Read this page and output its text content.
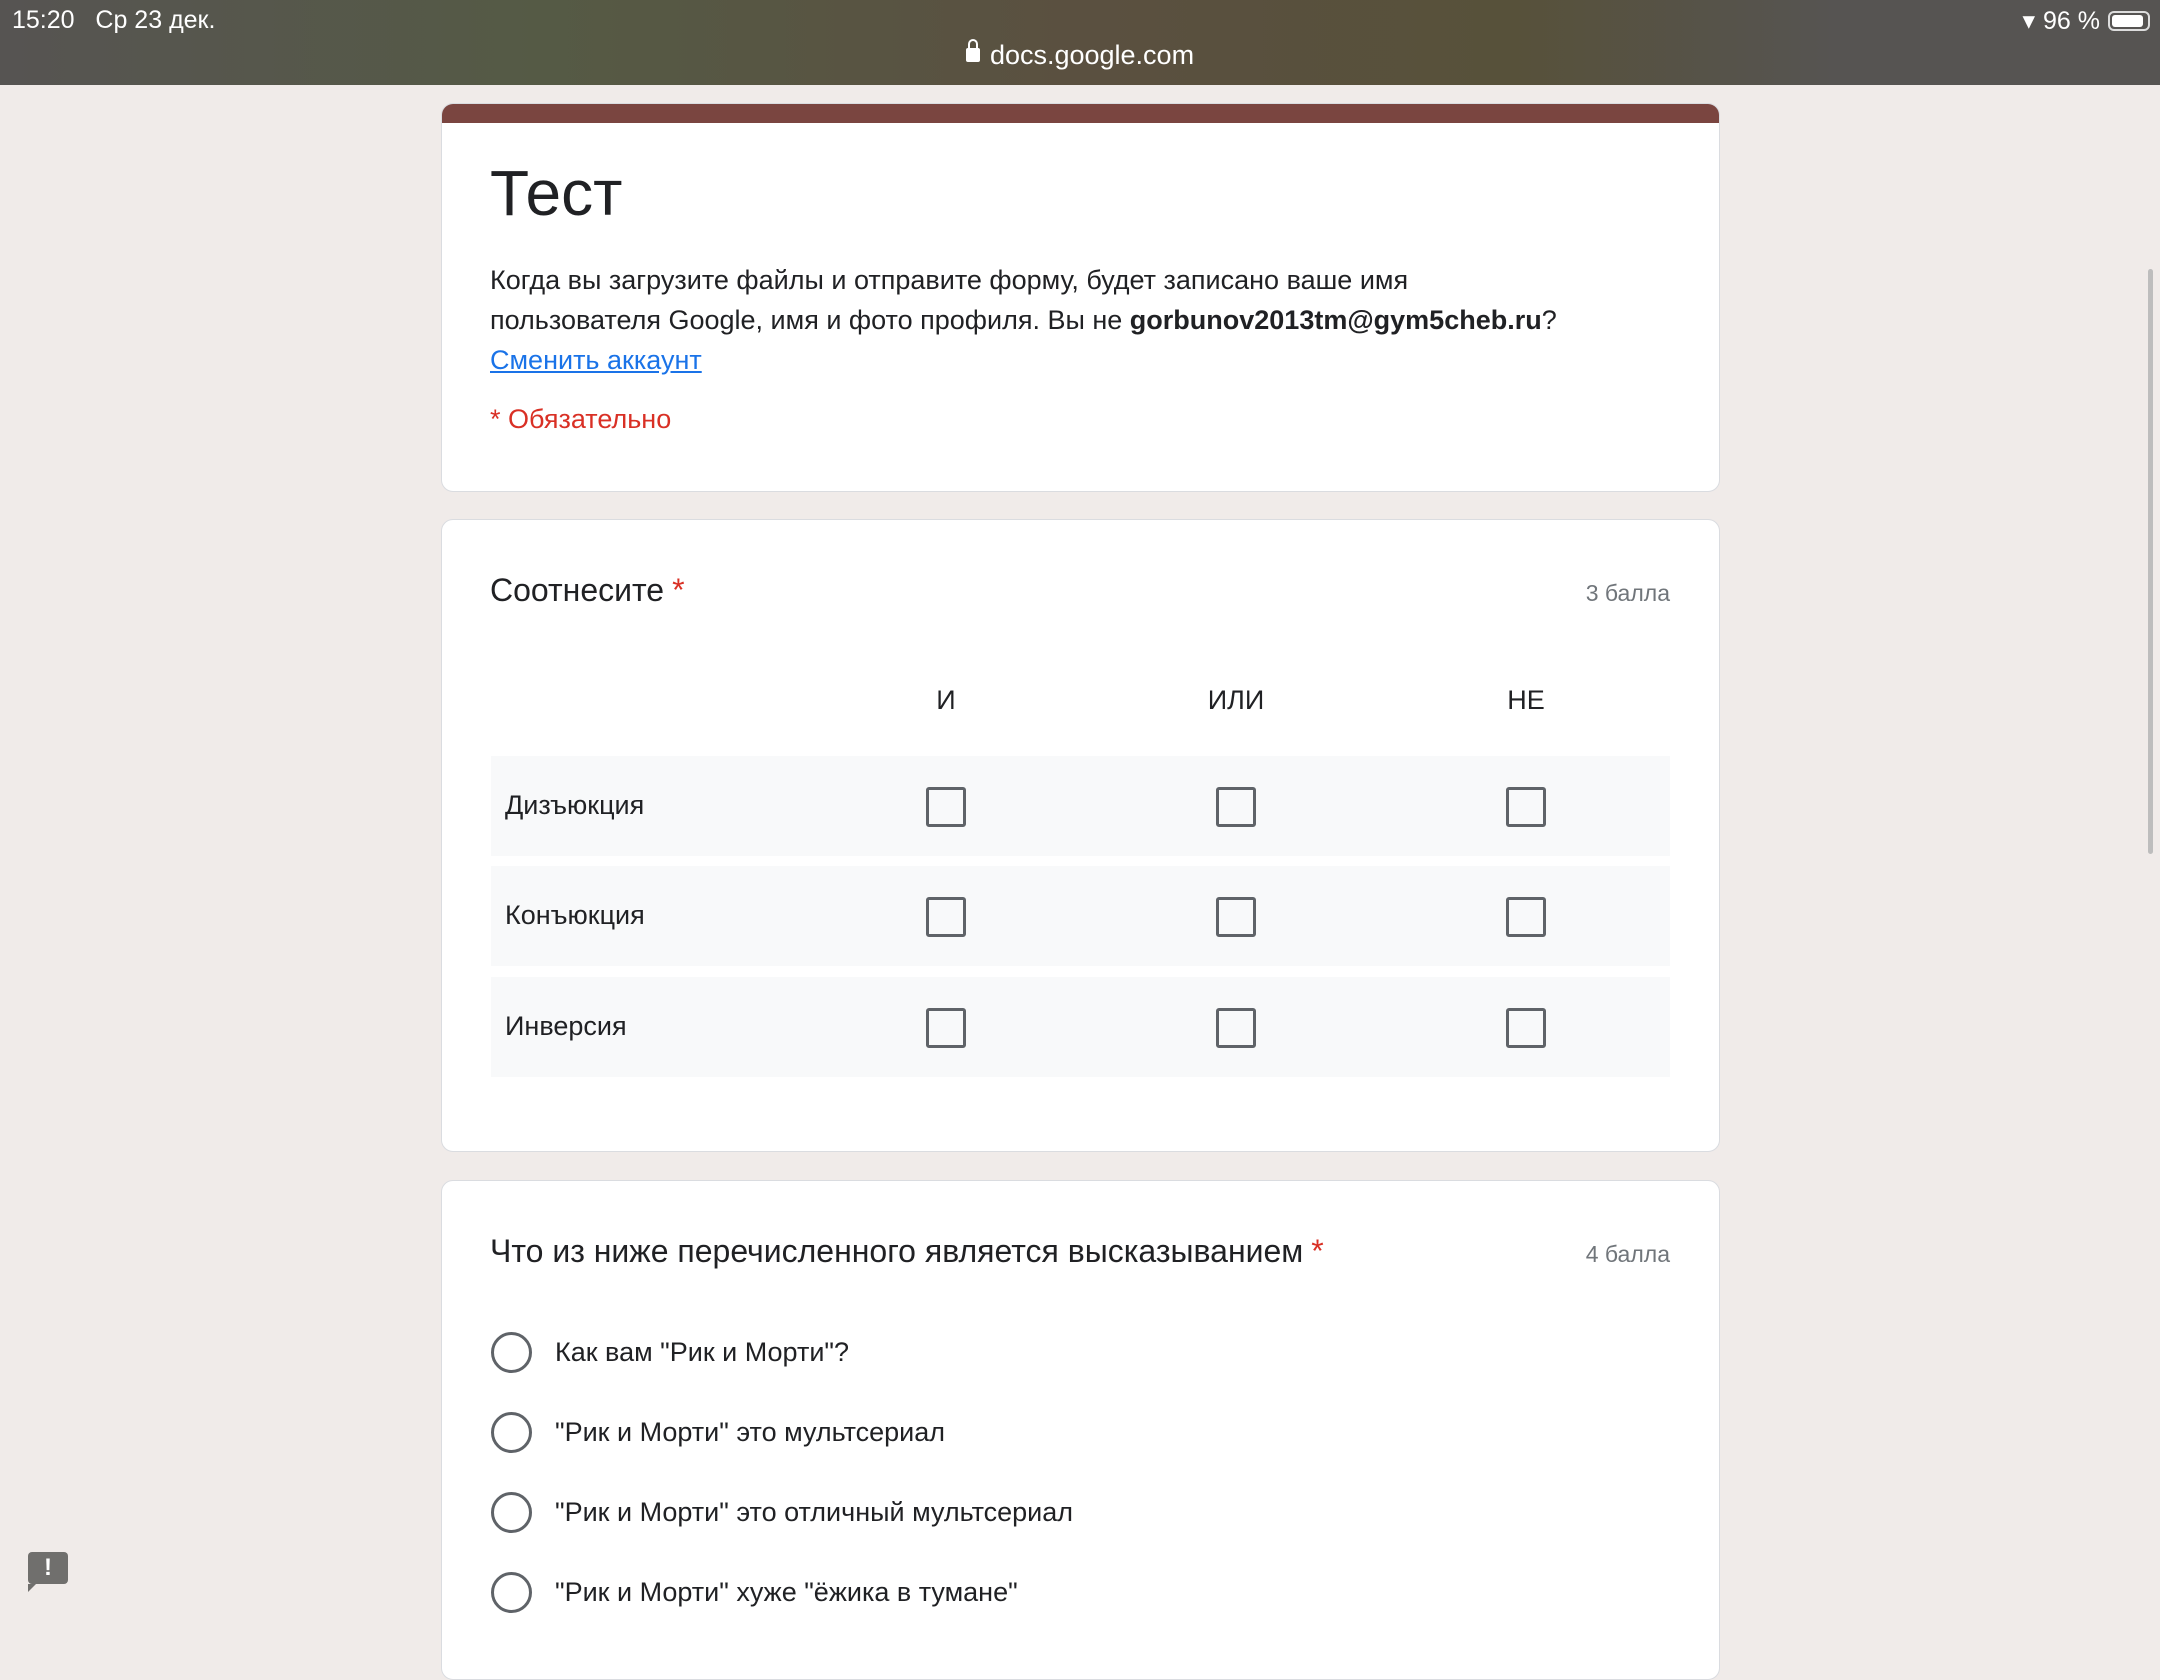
15:20 Ср 23 дек.	▾ 96 %
docs.google.com
Тест
Когда вы загрузите файлы и отправите форму, будет записано ваше имя
пользователя Google, имя и фото профиля. Вы не gorbunov2013tm@gym5cheb.ru?
Сменить аккаунт
* Обязательно
Соотнесите *	3 балла
И	ИЛИ	НЕ
Дизъюкция
Конъюкция
Инверсия
Что из ниже перечисленного является высказыванием *	4 балла
Как вам "Рик и Морти"?
"Рик и Морти" это мультсериал
"Рик и Морти" это отличный мультсериал
"Рик и Морти" хуже "ёжика в тумане"
!
